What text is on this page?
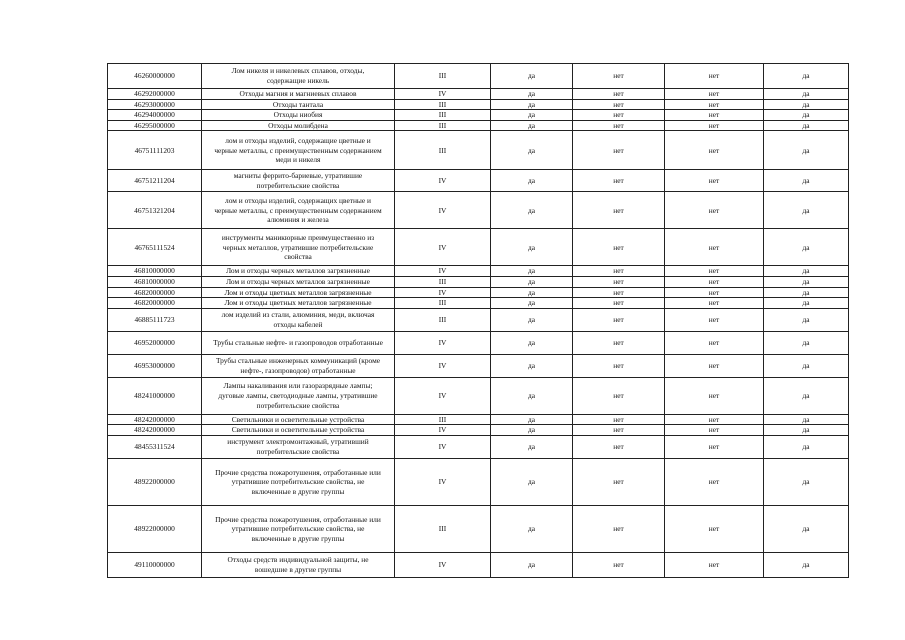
46260000000	Лом никеля и никелевых сплавов, отходы,
содержащие никель	III	да	нет	нет	да
46292000000	Отходы магния и магниевых сплавов	IV	да	нет	нет	да
46293000000	Отходы тантала	III	да	нет	нет	да
46294000000	Отходы ниобия	III	да	нет	нет	да
46295000000	Отходы молибдена	III	да	нет	нет	да
46751111203	лом и отходы изделий, содержащие цветные и
черные металлы, с преимущественным содержанием
меди и никеля	III	да	нет	нет	да
46751211204	магниты феррито-бариевые, утратившие
потребительские свойства	IV	да	нет	нет	да
46751321204	лом и отходы изделий, содержащих цветные и
черные металлы, с преимущественным содержанием
алюминия и железа	IV	да	нет	нет	да
46765111524	инструменты маникюрные преимущественно из
черных металлов, утратившие потребительские
свойства	IV	да	нет	нет	да
46810000000	Лом и отходы черных металлов загрязненные	IV	да	нет	нет	да
46810000000	Лом и отходы черных металлов загрязненные	III	да	нет	нет	да
46820000000	Лом и отходы цветных металлов загрязненные	IV	да	нет	нет	да
46820000000	Лом и отходы цветных металлов загрязненные	III	да	нет	нет	да
46885111723	лом изделий из стали, алюминия, меди, включая
отходы кабелей	III	да	нет	нет	да
46952000000	Трубы стальные нефте- и газопроводов отработанные	IV	да	нет	нет	да
46953000000	Трубы стальные инженерных коммуникаций (кроме
нефте-, газопроводов) отработанные	IV	да	нет	нет	да
48241000000	Лампы накаливания или газоразрядные лампы;
дуговые лампы, светодиодные лампы, утратившие
потребительские свойства	IV	да	нет	нет	да
48242000000	Светильники и осветительные устройства	III	да	нет	нет	да
48242000000	Светильники и осветительные устройства	IV	да	нет	нет	да
48455311524	инструмент электромонтажный, утративший
потребительские свойства	IV	да	нет	нет	да
48922000000	Прочие средства пожаротушения, отработанные или
утратившие потребительские свойства, не
включенные в другие группы	IV	да	нет	нет	да
48922000000	Прочие средства пожаротушения, отработанные или
утратившие потребительские свойства, не
включенные в другие группы	III	да	нет	нет	да
49110000000	Отходы средств индивидуальной защиты, не
вошедшие в другие группы	IV	да	нет	нет	да
